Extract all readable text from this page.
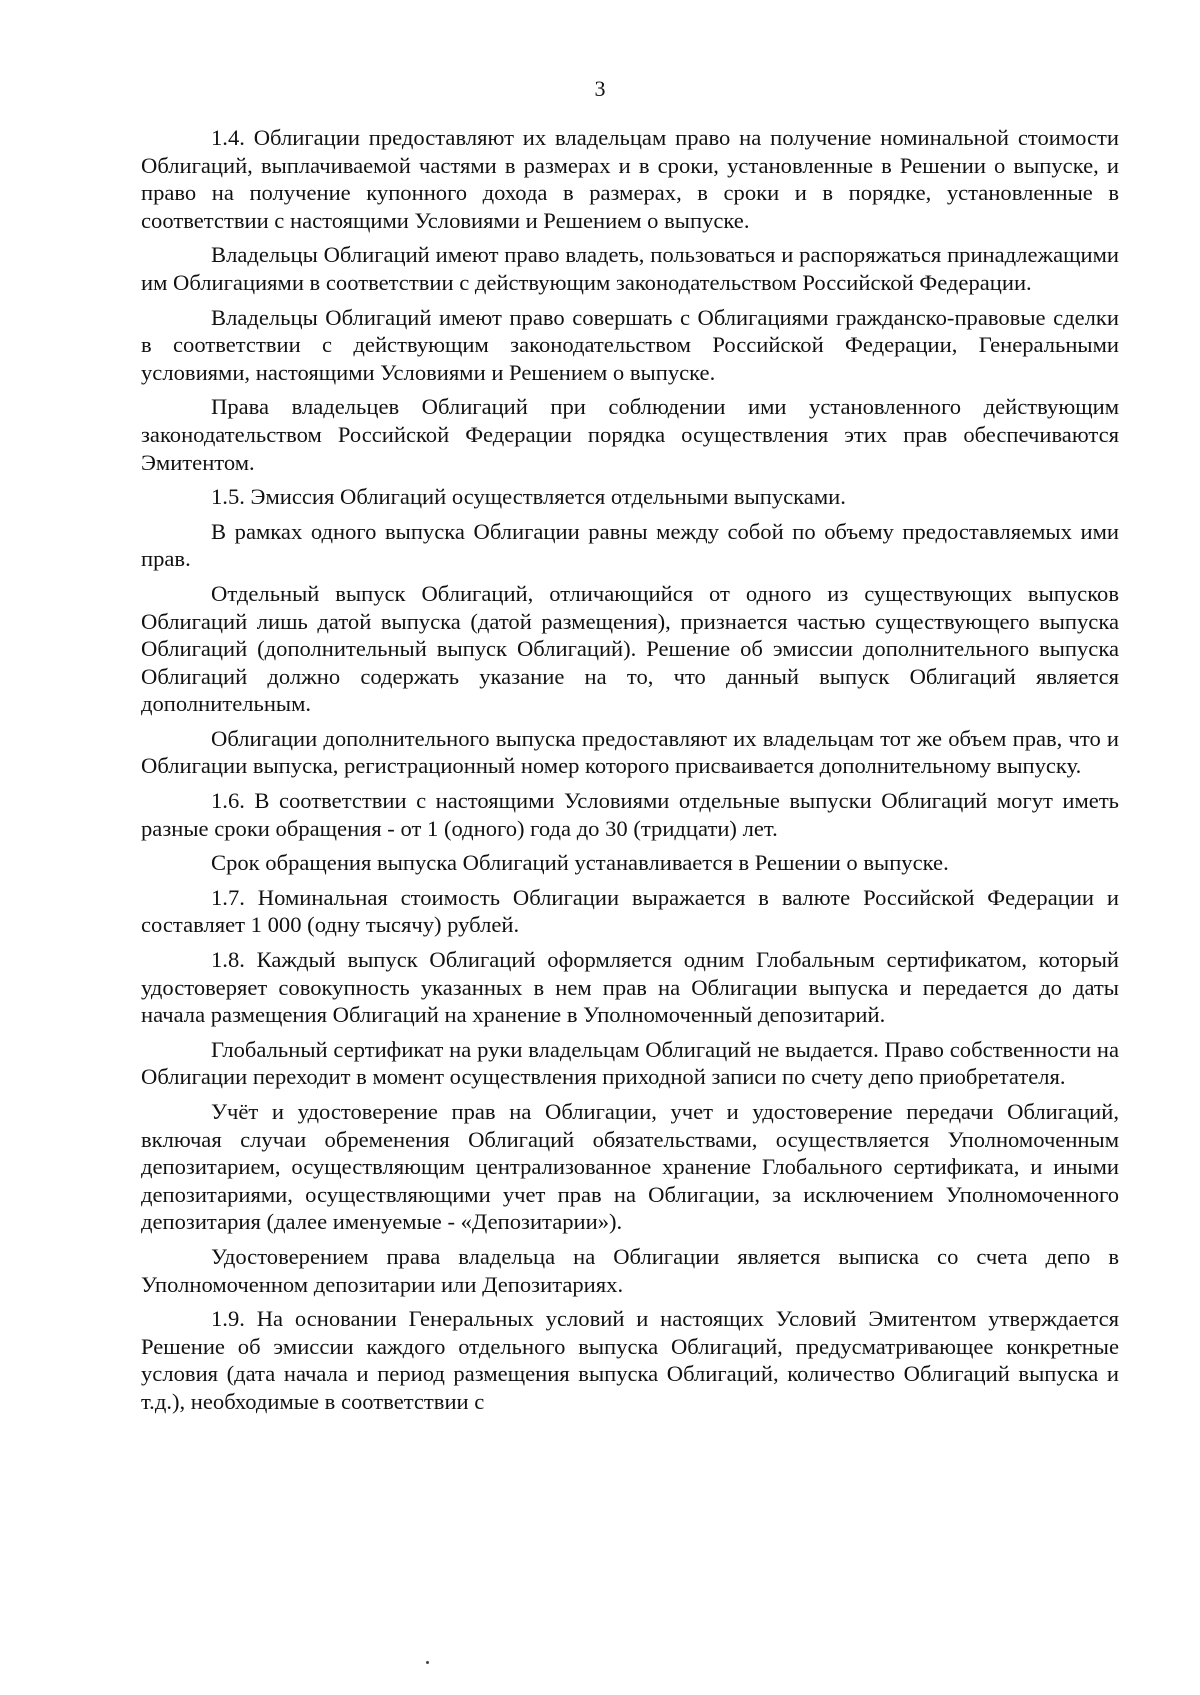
3

1.4. Облигации предоставляют их владельцам право на получение номинальной стоимости Облигаций, выплачиваемой частями в размерах и в сроки, установленные в Решении о выпуске, и право на получение купонного дохода в размерах, в сроки и в порядке, установленные в соответствии с настоящими Условиями и Решением о выпуске.

Владельцы Облигаций имеют право владеть, пользоваться и распоряжаться принадлежащими им Облигациями в соответствии с действующим законодательством Российской Федерации.

Владельцы Облигаций имеют право совершать с Облигациями гражданско-правовые сделки в соответствии с действующим законодательством Российской Федерации, Генеральными условиями, настоящими Условиями и Решением о выпуске.

Права владельцев Облигаций при соблюдении ими установленного действующим законодательством Российской Федерации порядка осуществления этих прав обеспечиваются Эмитентом.

1.5. Эмиссия Облигаций осуществляется отдельными выпусками.

В рамках одного выпуска Облигации равны между собой по объему предоставляемых ими прав.

Отдельный выпуск Облигаций, отличающийся от одного из существующих выпусков Облигаций лишь датой выпуска (датой размещения), признается частью существующего выпуска Облигаций (дополнительный выпуск Облигаций). Решение об эмиссии дополнительного выпуска Облигаций должно содержать указание на то, что данный выпуск Облигаций является дополнительным.

Облигации дополнительного выпуска предоставляют их владельцам тот же объем прав, что и Облигации выпуска, регистрационный номер которого присваивается дополнительному выпуску.

1.6. В соответствии с настоящими Условиями отдельные выпуски Облигаций могут иметь разные сроки обращения - от 1 (одного) года до 30 (тридцати) лет.

Срок обращения выпуска Облигаций устанавливается в Решении о выпуске.

1.7. Номинальная стоимость Облигации выражается в валюте Российской Федерации и составляет 1 000 (одну тысячу) рублей.

1.8. Каждый выпуск Облигаций оформляется одним Глобальным сертификатом, который удостоверяет совокупность указанных в нем прав на Облигации выпуска и передается до даты начала размещения Облигаций на хранение в Уполномоченный депозитарий.

Глобальный сертификат на руки владельцам Облигаций не выдается. Право собственности на Облигации переходит в момент осуществления приходной записи по счету депо приобретателя.

Учёт и удостоверение прав на Облигации, учет и удостоверение передачи Облигаций, включая случаи обременения Облигаций обязательствами, осуществляется Уполномоченным депозитарием, осуществляющим централизованное хранение Глобального сертификата, и иными депозитариями, осуществляющими учет прав на Облигации, за исключением Уполномоченного депозитария (далее именуемые - «Депозитарии»).

Удостоверением права владельца на Облигации является выписка со счета депо в Уполномоченном депозитарии или Депозитариях.

1.9. На основании Генеральных условий и настоящих Условий Эмитентом утверждается Решение об эмиссии каждого отдельного выпуска Облигаций, предусматривающее конкретные условия (дата начала и период размещения выпуска Облигаций, количество Облигаций выпуска и т.д.), необходимые в соответствии с
